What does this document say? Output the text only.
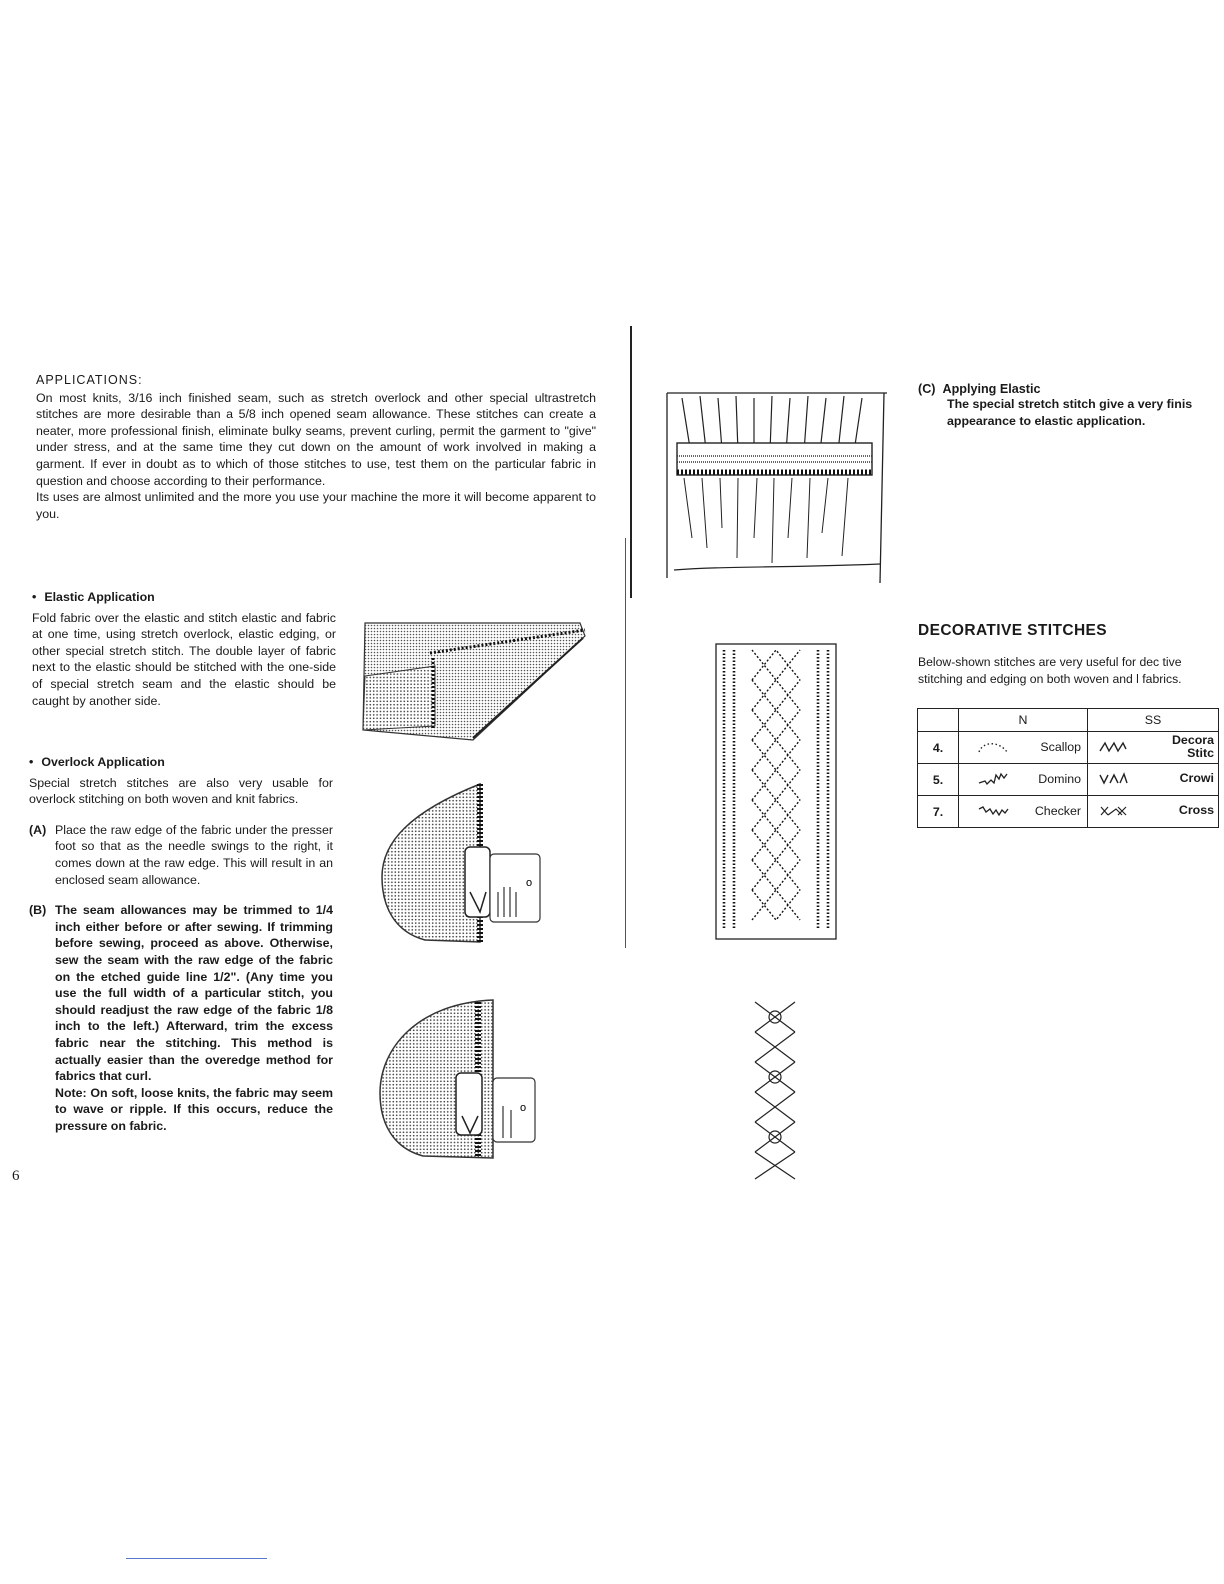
APPLICATIONS:

On most knits, 3/16 inch finished seam, such as stretch overlock and other special ultrastretch stitches are more desirable than a 5/8 inch opened seam allowance. These stitches can create a neater, more professional finish, eliminate bulky seams, prevent curling, permit the garment to "give" under stress, and at the same time they cut down on the amount of work involved in making a garment. If ever in doubt as to which of those stitches to use, test them on the particular fabric in question and choose according to their performance.

Its uses are almost unlimited and the more you use your machine the more it will become apparent to you.

• Elastic Application
Fold fabric over the elastic and stitch elastic and fabric at one time, using stretch overlock, elastic edging, or other special stretch stitch. The double layer of fabric next to the elastic should be stitched with the one-side of special stretch seam and the elastic should be caught by another side.
• Overlock Application
Special stretch stitches are also very usable for overlock stitching on both woven and knit fabrics.
(A) Place the raw edge of the fabric under the presser foot so that as the needle swings to the right, it comes down at the raw edge. This will result in an enclosed seam allowance.
(B) The seam allowances may be trimmed to 1/4 inch either before or after sewing. If trimming before sewing, proceed as above. Otherwise, sew the seam with the raw edge of the fabric on the etched guide line 1/2". (Any time you use the full width of a particular stitch, you should readjust the raw edge of the fabric 1/8 inch to the left.) Afterward, trim the excess fabric near the stitching. This method is actually easier than the overedge method for fabrics that curl.
Note: On soft, loose knits, the fabric may seem to wave or ripple. If this occurs, reduce the pressure on fabric.
o
o
6
(C) Applying Elastic
The special stretch stitch give a very finis appearance to elastic application.
DECORATIVE STITCHES
Below-shown stitches are very useful for dec tive stitching and edging on both woven and l fabrics.
	N	SS
4.	Scallop	Decora Stitc

5.	Domino	Crowi

7.	Checker	Cross
